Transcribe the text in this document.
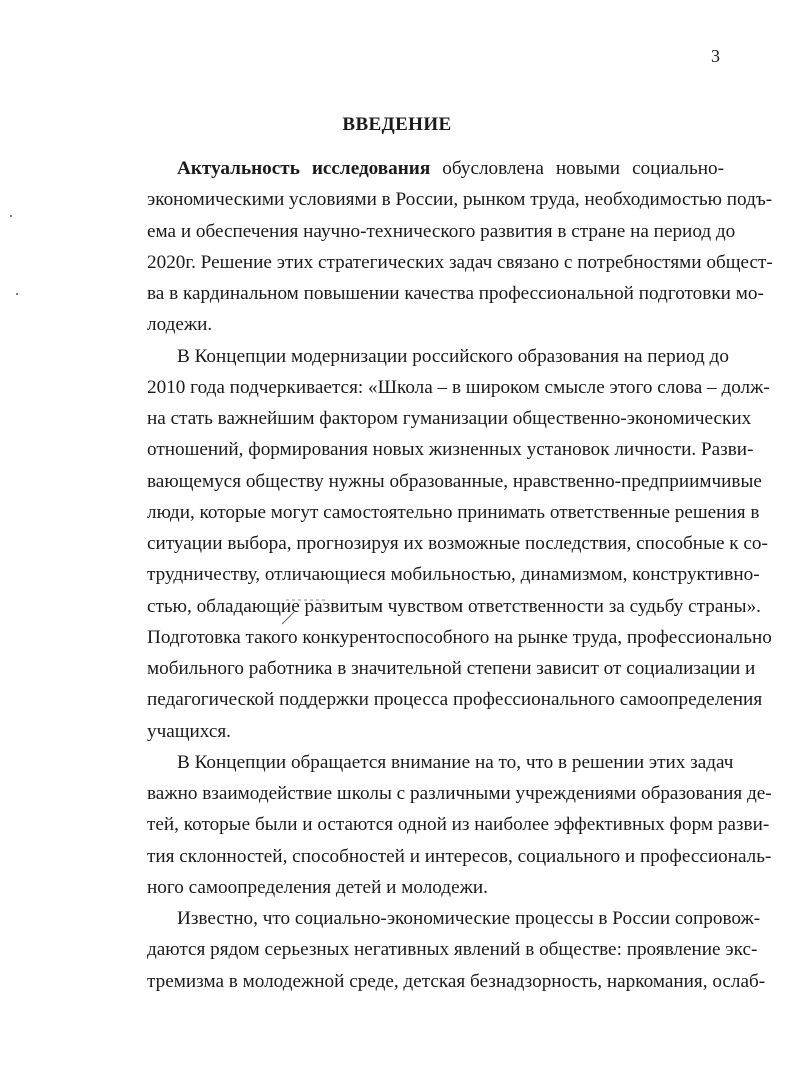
3
ВВЕДЕНИЕ
Актуальность исследования обусловлена новыми социально-
экономическими условиями в России, рынком труда, необходимостью подъ-
ема и обеспечения научно-технического развития в стране на период до
2020г. Решение этих стратегических задач связано с потребностями общест-
ва в кардинальном повышении качества профессиональной подготовки мо-
лодежи.
В Концепции модернизации российского образования на период до
2010 года подчеркивается: «Школа – в широком смысле этого слова – долж-
на стать важнейшим фактором гуманизации общественно-экономических
отношений, формирования новых жизненных установок личности. Разви-
вающемуся обществу нужны образованные, нравственно-предприимчивые
люди, которые могут самостоятельно принимать ответственные решения в
ситуации выбора, прогнозируя их возможные последствия, способные к со-
трудничеству, отличающиеся мобильностью, динамизмом, конструктивно-
стью, обладающие развитым чувством ответственности за судьбу страны».
Подготовка такого конкурентоспособного на рынке труда, профессионально
мобильного работника в значительной степени зависит от социализации и
педагогической поддержки процесса профессионального самоопределения
учащихся.
В Концепции обращается внимание на то, что в решении этих задач
важно взаимодействие школы с различными учреждениями образования де-
тей, которые были и остаются одной из наиболее эффективных форм разви-
тия склонностей, способностей и интересов, социального и профессиональ-
ного самоопределения детей и молодежи.
Известно, что социально-экономические процессы в России сопровож-
даются рядом серьезных негативных явлений в обществе: проявление экс-
тремизма в молодежной среде, детская безнадзорность, наркомания, ослаб-
